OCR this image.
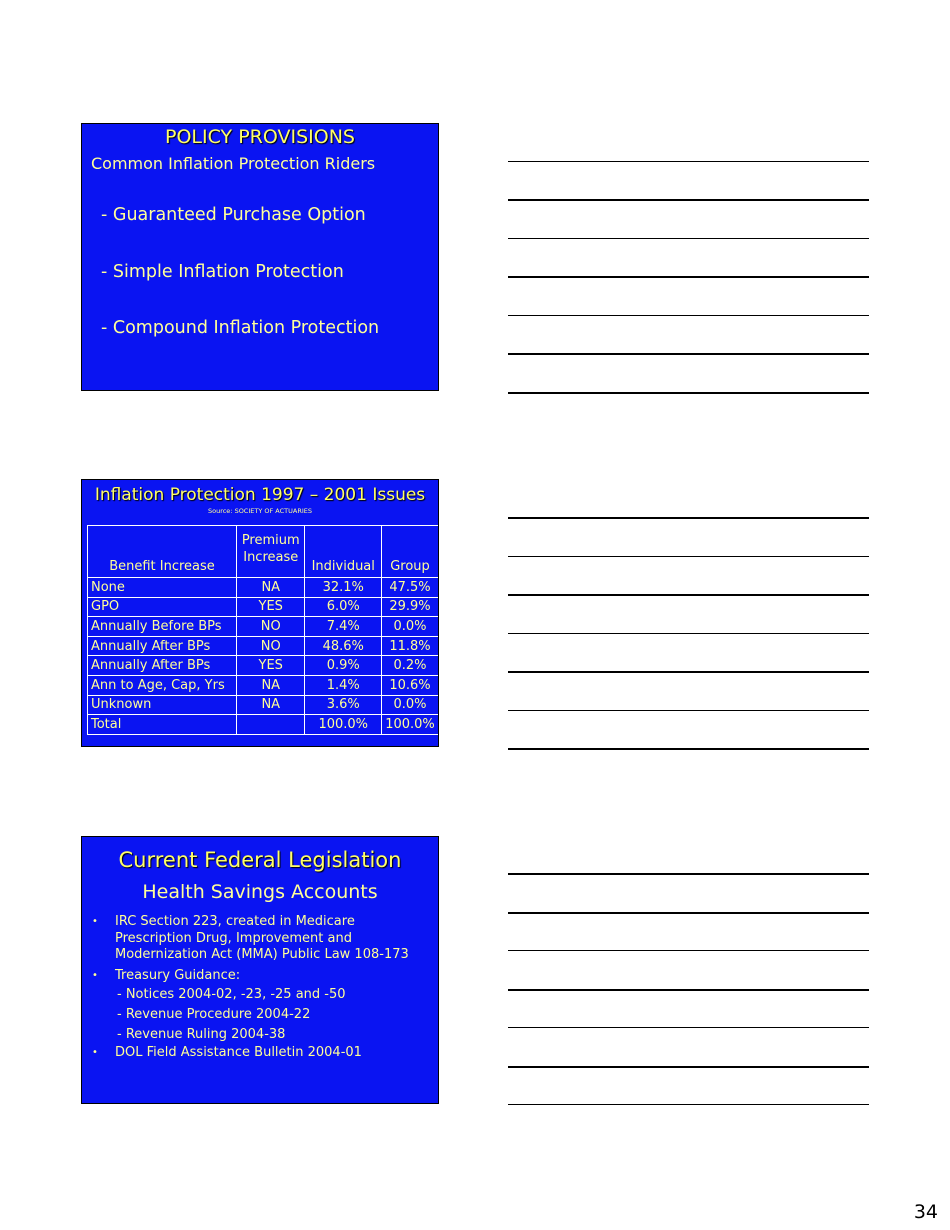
POLICY PROVISIONS
Common Inflation Protection Riders
- Guaranteed Purchase Option
- Simple Inflation Protection
- Compound Inflation Protection
Inflation Protection 1997 – 2001 Issues
Source: SOCIETY OF ACTUARIES
Benefit Increase	Premium Increase	Individual	Group
None	NA	32.1%	47.5%
GPO	YES	6.0%	29.9%
Annually Before BPs	NO	7.4%	0.0%
Annually After BPs	NO	48.6%	11.8%
Annually After BPs	YES	0.9%	0.2%
Ann to Age, Cap, Yrs	NA	1.4%	10.6%
Unknown	NA	3.6%	0.0%
Total		100.0%	100.0%
Current Federal Legislation
Health Savings Accounts
• IRC Section 223, created in Medicare Prescription Drug, Improvement and Modernization Act (MMA) Public Law 108-173
• Treasury Guidance:
- Notices 2004-02, -23, -25 and -50
- Revenue Procedure 2004-22
- Revenue Ruling 2004-38
• DOL Field Assistance Bulletin 2004-01
34
